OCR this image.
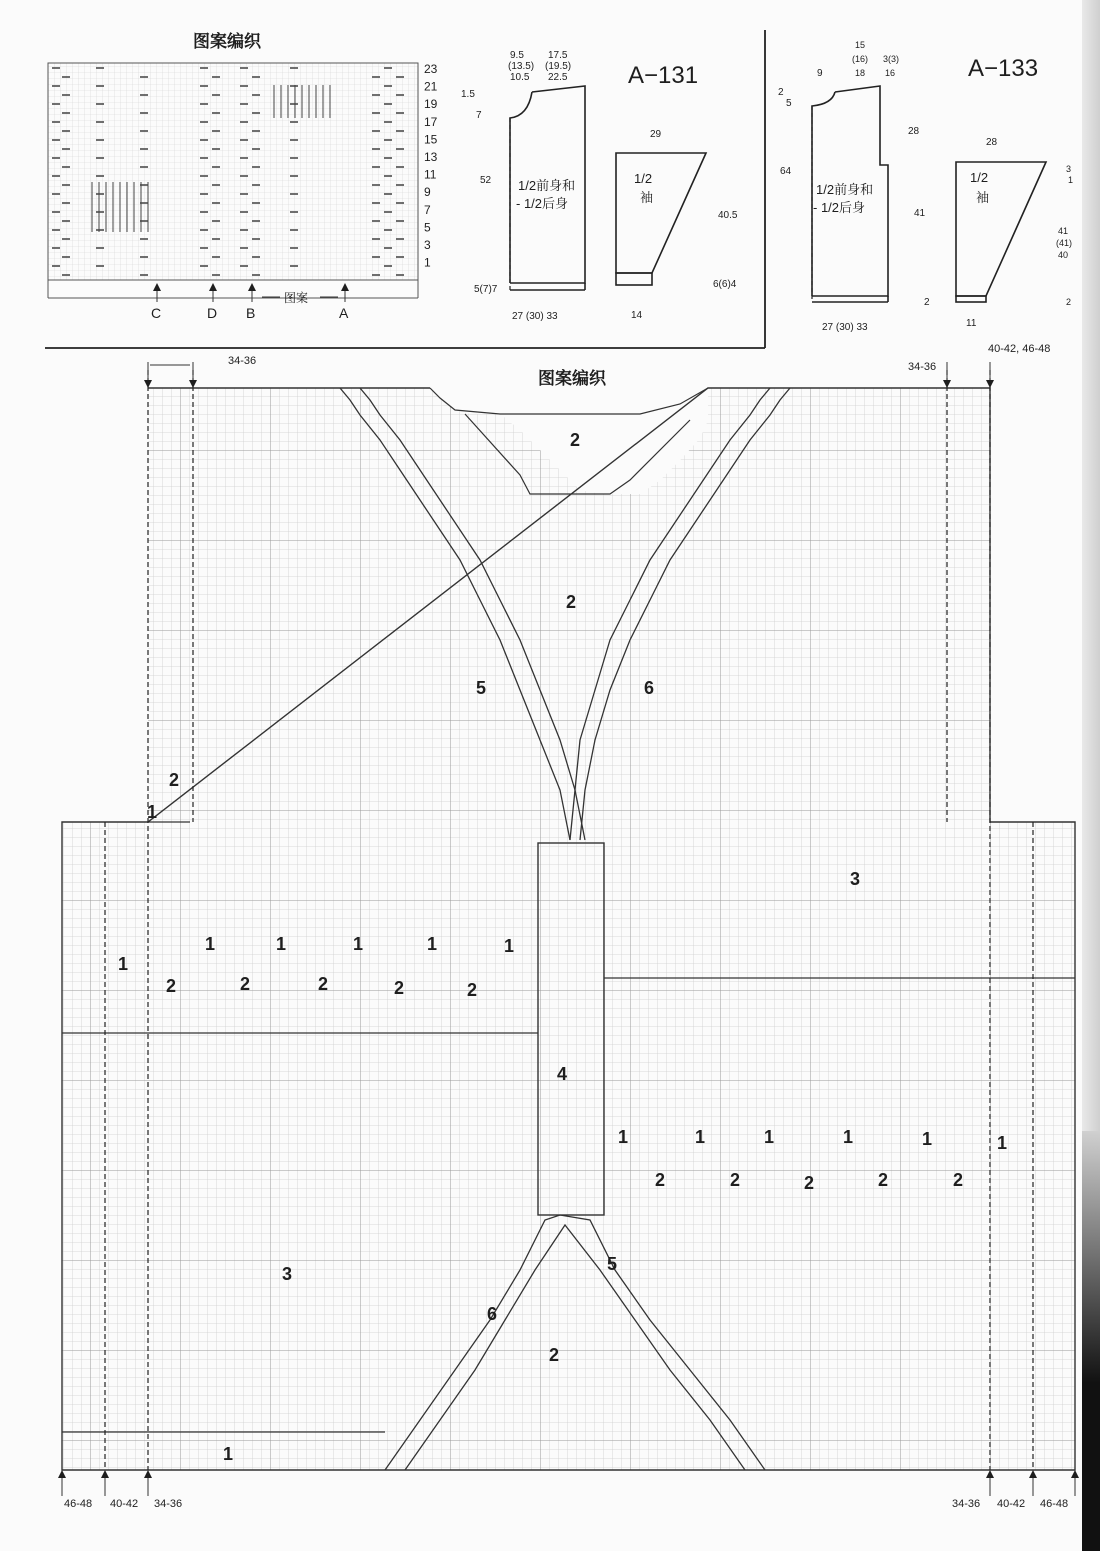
图案编织
23
21
19
17
15
13
11
9
7
5
3
1
C	D B
图案
A
A−131
9.5
(13.5)
10.5
17.5
(19.5)
22.5
1.5
7
52 1/2前身和
- 1/2后身
5(7)7
27 (30) 33
29
1/2
袖
40.5
6(6)4
14
A−133
9
15
(16)
18
3(3)
16
2
5
64
28
41
1/2前身和
- 1/2后身
2
27 (30) 33
28
1/2
袖
3
1
41
(41)
40
2
11
图案编织
34-36	34-36
40-42, 46-48
2
2
5	6
2
1
3
1
1	1	1	1	1
2	2	2	2	2
4
1	1	1	1	1	1
2	2	2	2	2
3	5
6
2
1
46-48 40-42 34-36	34-36 40-42 46-48
